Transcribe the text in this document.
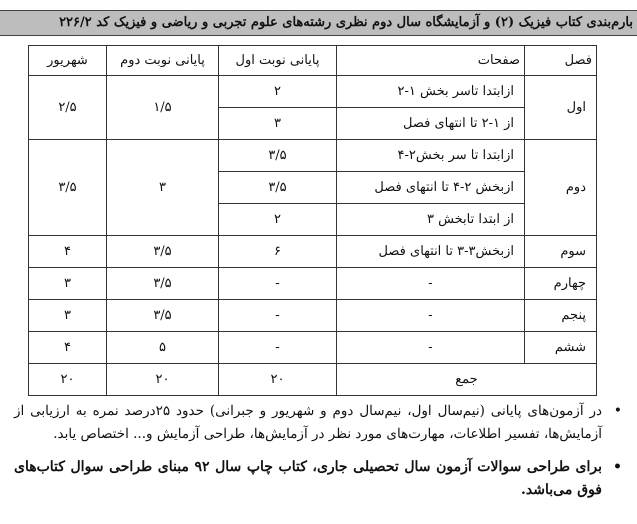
بارم‌بندی کتاب فیزیک (۲) و آزمایشگاه سال دوم نظری رشته‌های علوم تجربی و ریاضی و فیزیک کد ۲۲۶/۲
فصل	صفحات	پایانی نوبت اول	پایانی نوبت دوم	شهریور
اول	ازابتدا تاسر بخش ۱-۲	۲	۱/۵	۲/۵
	از ۱-۲ تا انتهای فصل	۳		
دوم	ازابتدا تا سر بخش۲-۴	۳/۵	۳	۳/۵
	ازبخش ۲-۴ تا انتهای فصل	۳/۵		
	از ابتدا تابخش ۳	۲		
سوم	ازبخش۳-۳ تا انتهای فصل	۶	۳/۵	۴
چهارم	-	-	۳/۵	۳
پنجم	-	-	۳/۵	۳
ششم	-	-	۵	۴
جمع		۲۰	۲۰	۲۰

•
در آزمون‌های پایانی (نیم‌سال اول، نیم‌سال دوم و شهریور و جبرانی) حدود ۲۵درصد نمره به ارزیابی از آزمایش‌ها، تفسیر اطلاعات، مهارت‌های مورد نظر در آزمایش‌ها، طراحی آزمایش و... اختصاص یابد.

•
برای طراحی سوالات آزمون سال تحصیلی جاری، کتاب چاپ سال ۹۲ مبنای طراحی سوال کتاب‌های فوق می‌باشد.
